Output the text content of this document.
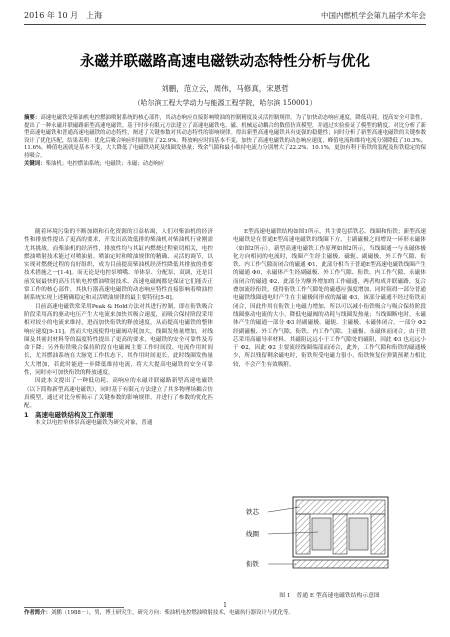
2016 年 10 月　上海	中国内燃机学会第九届学术年会
永磁并联磁路高速电磁铁动态特性分析与优化
刘鹏，范立云，周伟，马修真，宋恩哲
（哈尔滨工程大学动力与能源工程学院，哈尔滨 150001）
摘要：高速电磁铁是柴油机电控燃油喷射系统的核心部件，其动态响应直接影响喷油的控制精度及灵活控制规律。为了加快动态响应速度，降低功耗，提高安全可靠性，提出了一种永磁并联磁路新型高速电磁铁。基于时步有限元方法建立了高速电磁铁电、磁、机械运动耦合的数值仿真模型，并通过实验验证了模型的精度。对比分析了新型高速电磁铁和普通高速电磁铁的动态特性，阐述了关键参数对其动态特性的影响规律。得出新型高速电磁铁具有更强的稳健性；同时分析了新型高速电磁铁的关键参数设计了优化匹配。结果表明：优化后吸合响应时间缩短了22.9%，释放响应时间基本不变，加快了高速电磁铁的动态响应速度，峰值电流和维持电流分别降低了10.3%、11.6%，峰值电流就是基本不变，大大降低了电磁铁功耗及线圈发热量；残余气隙和最小维持电流力分别增大了22.2%、10.1%，更加有利于衔铁的装配及衔铁稳定的保持吸合。
关键词：柴油机；电控燃油系统；电磁铁；永磁；动态响应

随着环境污染的不断加剧和石化资源的日益枯竭，人们对柴油机的经济性和排放性提出了更高的要求，开发出高效低排的柴油机对柴油机行业刚需尤其挑战。而柴油机的经济性，排放性均与其缸内燃烧过程密切相关，电控燃油喷射技术能过对喷油量、喷油定时和喷油规律的精确、灵活的调节，以实现对燃烧过程的良好组织，成为目前提高柴油机经济性降低其排放的重要技术措施之一[1-4]。而无论是电控泵喷嘴、单体泵、分配泵、双调，还是目前发展最快的高压共轨电控燃油喷射技术，高速电磁阀都是保证它们能否正常工作的核心部件，其执行器高速电磁铁的动态响应特性直接影响着喷油控制系统实现上述精确稳定和灵活喷油规律的最主要特征[5-8]。

目前高速电磁铁常采用Peak & Hold方法对其进行控制，即在衔铁吸合阶段采用高的驱动电压产生大电流来加快其吸合速度，而吸合保持阶段采用相对较小的电流来维持，进而加快衔铁的释放速度，从而提高电磁铁的整体响应速度[9-11]。然而大电流使得电磁阀功耗加大，线圈发热量增加，对线圈及其密封材料等的温度特性提出了更高的要求，电磁铁的安全可靠性及寿命下降；另外衔铁吸合保持阶段在电磁阀主要工作时间段，电流作用时间长，尤其燃油系统在大脉宽工作状态下，其作用时间更长，此时线圈发热量大大增加，若此时能进一步降低维持电流，将大大提高电磁铁的安全可靠性，同时亦可加快衔铁的释放速度。

因此本文提出了一种低功耗、高响应的永磁并联磁路新型高速电磁铁（以下简称新型高速电磁铁），同时基于有限元方法建立了其多物理场耦合仿真模型，通过对比分析揭示了关键参数的影响规律，并进行了参数的优化匹配。

1　高速电磁铁结构及工作原理

本文以电控单体泵高速电磁铁为研究对象，普通

E型高速电磁铁结构如图1所示，其主要包括铁芯、线圈和衔铁；新型高速电磁铁是在普通E型高速电磁铁的线圈下方，主副磁极之间增设一环形永磁体（如图2所示），新型高速电磁铁工作原理如图2所示，当线圈通一与永磁体极化方向相同的电流时，线圈产生经主磁极、磁轭、副磁极、外工作气隙、衔铁、内工作气隙而闭合的磁通 Φ1，此部分相当于普通E型高速电磁铁线圈产生的磁通 Φ0，永磁体产生经副磁极、外工作气隙、衔铁、内工作气隙、永磁体而闭合的磁通 Φ2，此部分为额外增加的工作磁通，两者构成并联磁路，复合叠加流经衔铁，使得衔铁工作气隙处的磁感应强度增加，同时阻碍一部分普通电磁铁线圈通电时产生在主磁极间形成的漏磁 Φ3，该部分磁通不经过衔铁而闭合，因此作用在衔铁上电磁力增加，所以可以减小衔铁吸合与吸合保持阶段线圈驱动电流的大小，降低电磁阀的功耗与线圈发热量；当线圈断电时，永磁体产生的磁通一部分 Φ3 经副磁极、磁轭、主磁极、永磁体闭合，一部分 Φ2 经副磁极、外工作气隙、衔铁、内工作气隙、主磁极、永磁体而闭合，由于铁芯采用高磁导率材料，其磁阻远远小于工作气隙处的磁阻，因此 Φ3 也远远小于 Φ2，因此 Φ2 主要流经线圈端部而闭合，此外，工作气隙和衔铁的磁通极少，所以残留剩余磁电时，衔铁所受电磁力很小，衔铁恢复位弹簧预紧力相比较，不会产生有效吸附。

铁芯
线圈
衔铁
图 1　普通 E 型高速电磁铁结构示意图
1
作者简介：刘鹏（1988－），男，博士研究生，研究方向：柴油机电控燃油喷射技术，电磁执行器设计与优化等。
